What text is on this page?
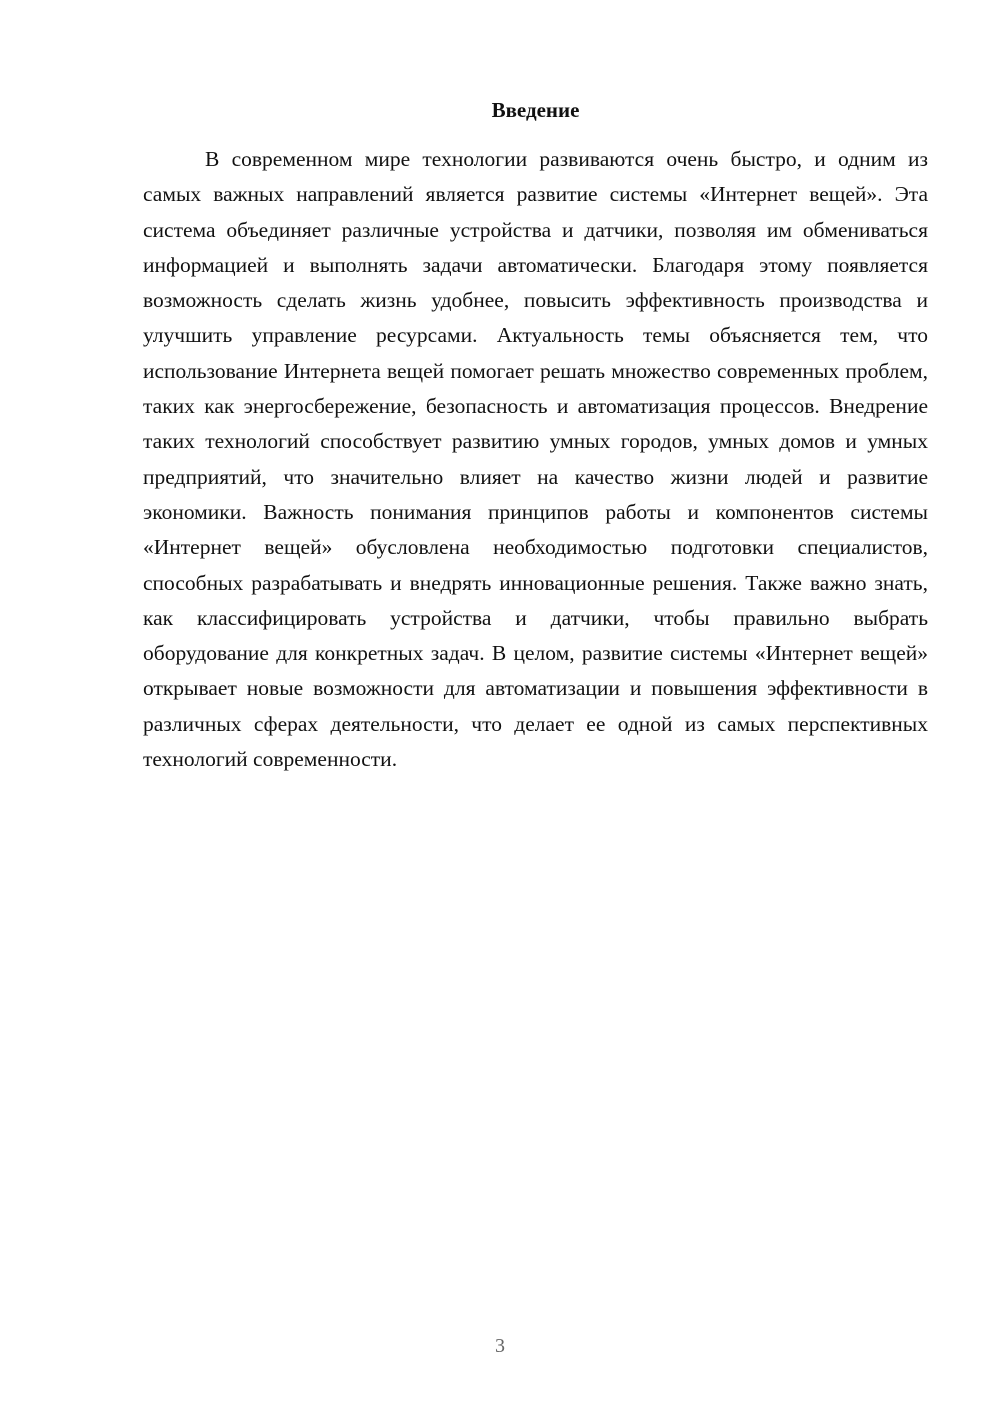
Введение

В современном мире технологии развиваются очень быстро, и одним из самых важных направлений является развитие системы «Интернет вещей». Эта система объединяет различные устройства и датчики, позволяя им обмениваться информацией и выполнять задачи автоматически. Благодаря этому появляется возможность сделать жизнь удобнее, повысить эффективность производства и улучшить управление ресурсами. Актуальность темы объясняется тем, что использование Интернета вещей помогает решать множество современных проблем, таких как энергосбережение, безопасность и автоматизация процессов. Внедрение таких технологий способствует развитию умных городов, умных домов и умных предприятий, что значительно влияет на качество жизни людей и развитие экономики. Важность понимания принципов работы и компонентов системы «Интернет вещей» обусловлена необходимостью подготовки специалистов, способных разрабатывать и внедрять инновационные решения. Также важно знать, как классифицировать устройства и датчики, чтобы правильно выбрать оборудование для конкретных задач. В целом, развитие системы «Интернет вещей» открывает новые возможности для автоматизации и повышения эффективности в различных сферах деятельности, что делает ее одной из самых перспективных технологий современности.

3
